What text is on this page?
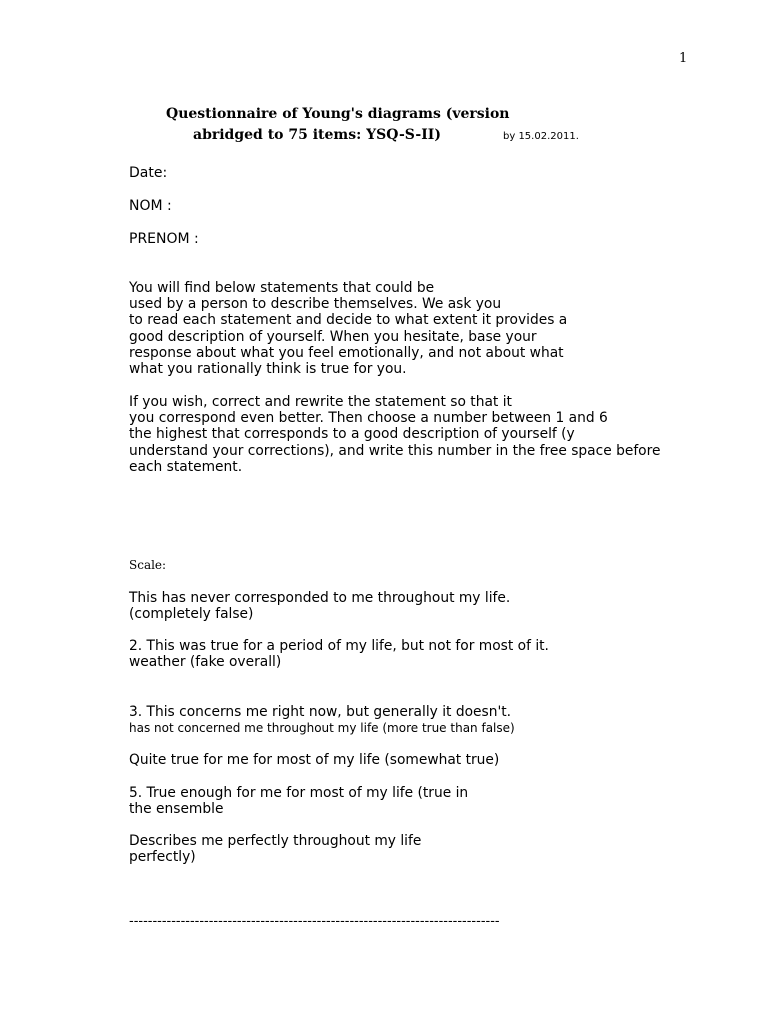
1
Questionnaire of Young's diagrams (version
abridged to 75 items: YSQ-S-II)	by 15.02.2011.
Date:
NOM :
PRENOM :
You will find below statements that could be
used by a person to describe themselves. We ask you
to read each statement and decide to what extent it provides a
good description of yourself. When you hesitate, base your
response about what you feel emotionally, and not about what
what you rationally think is true for you.
If you wish, correct and rewrite the statement so that it
you correspond even better. Then choose a number between 1 and 6
the highest that corresponds to a good description of yourself (y
understand your corrections), and write this number in the free space before
each statement.
Scale:
This has never corresponded to me throughout my life.
(completely false)
2. This was true for a period of my life, but not for most of it.
weather (fake overall)
3. This concerns me right now, but generally it doesn't.
has not concerned me throughout my life (more true than false)
Quite true for me for most of my life (somewhat true)
5. True enough for me for most of my life (true in
the ensemble
Describes me perfectly throughout my life
perfectly)
-------------------------------------------------------------------------------
